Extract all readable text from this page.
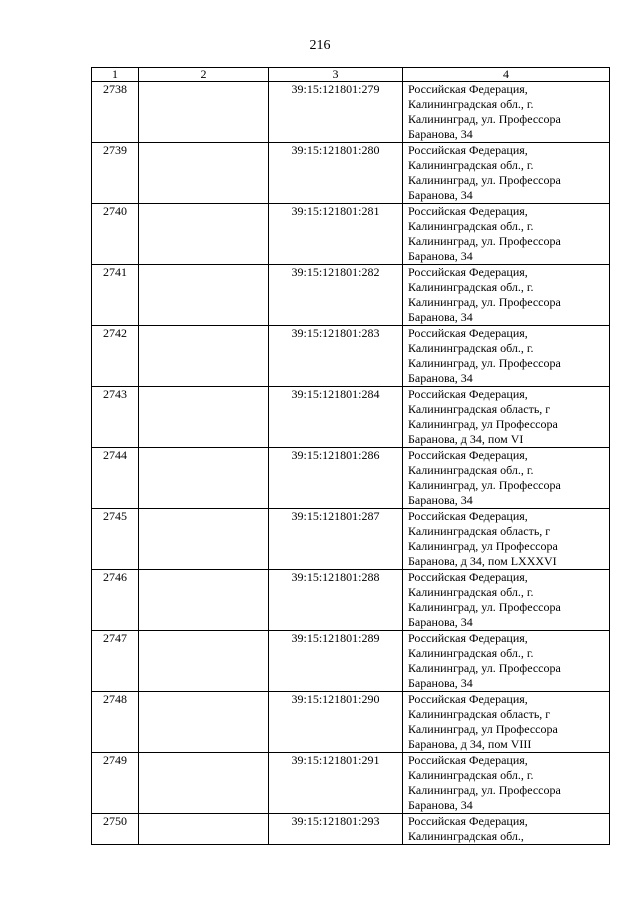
216
1	2	3	4
2738		39:15:121801:279	Российская Федерация, Калининградская обл., г. Калининград, ул. Профессора Баранова, 34
2739		39:15:121801:280	Российская Федерация, Калининградская обл., г. Калининград, ул. Профессора Баранова, 34
2740		39:15:121801:281	Российская Федерация, Калининградская обл., г. Калининград, ул. Профессора Баранова, 34
2741		39:15:121801:282	Российская Федерация, Калининградская обл., г. Калининград, ул. Профессора Баранова, 34
2742		39:15:121801:283	Российская Федерация, Калининградская обл., г. Калининград, ул. Профессора Баранова, 34
2743		39:15:121801:284	Российская Федерация, Калининградская область, г Калининград, ул Профессора Баранова, д 34, пом VI
2744		39:15:121801:286	Российская Федерация, Калининградская обл., г. Калининград, ул. Профессора Баранова, 34
2745		39:15:121801:287	Российская Федерация, Калининградская область, г Калининград, ул Профессора Баранова, д 34, пом LXXXVI
2746		39:15:121801:288	Российская Федерация, Калининградская обл., г. Калининград, ул. Профессора Баранова, 34
2747		39:15:121801:289	Российская Федерация, Калининградская обл., г. Калининград, ул. Профессора Баранова, 34
2748		39:15:121801:290	Российская Федерация, Калининградская область, г Калининград, ул Профессора Баранова, д 34, пом VIII
2749		39:15:121801:291	Российская Федерация, Калининградская обл., г. Калининград, ул. Профессора Баранова, 34
2750		39:15:121801:293	Российская Федерация, Калининградская обл.,
